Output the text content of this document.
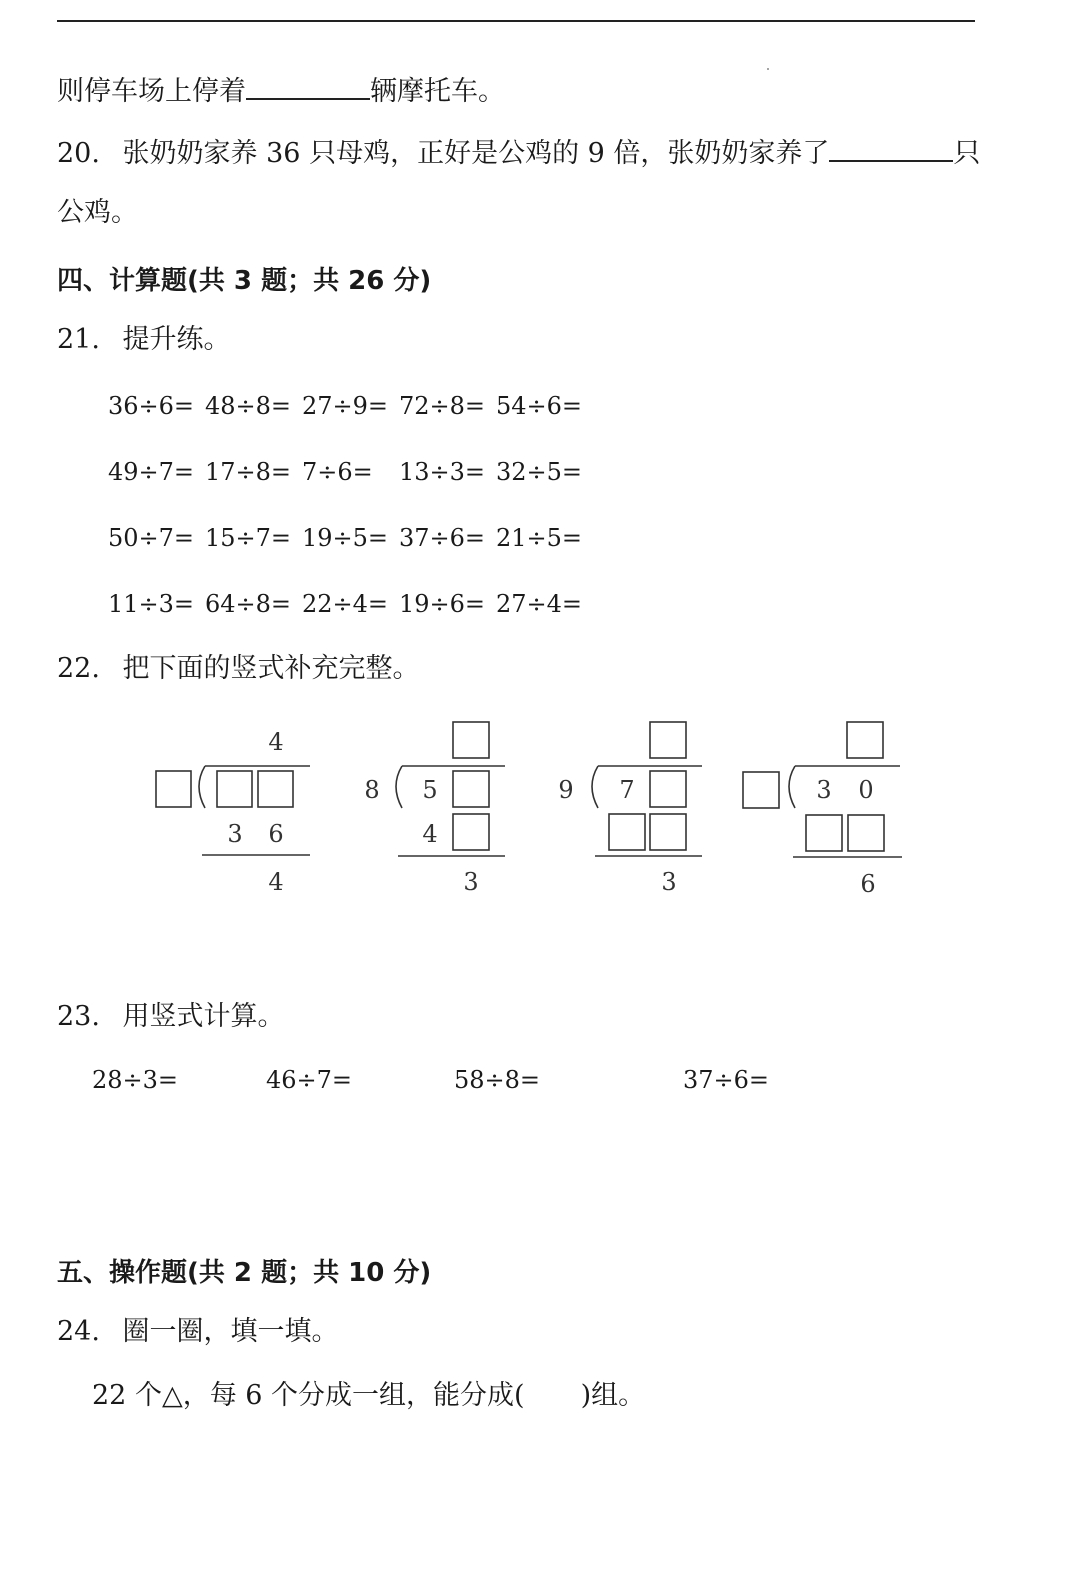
则停车场上停着	辆摩托车。
20. 张奶奶家养 36 只母鸡，正好是公鸡的 9 倍，张奶奶家养了	只
公鸡。
四、计算题(共 3 题；共 26 分)
21. 提升练。
36÷6= 48÷8= 27÷9= 72÷8= 54÷6=
49÷7= 17÷8= 7÷6= 13÷3= 32÷5=
50÷7= 15÷7= 19÷5= 37÷6= 21÷5=
11÷3= 64÷8= 22÷4= 19÷6= 27÷4=
22. 把下面的竖式补充完整。
4
3 6
4
8 5
4
3
9 7
3
3 0
6
23. 用竖式计算。
28÷3=	46÷7=	58÷8=	37÷6=
五、操作题(共 2 题；共 10 分)
24. 圈一圈，填一填。
22 个△，每 6 个分成一组，能分成( )组。
